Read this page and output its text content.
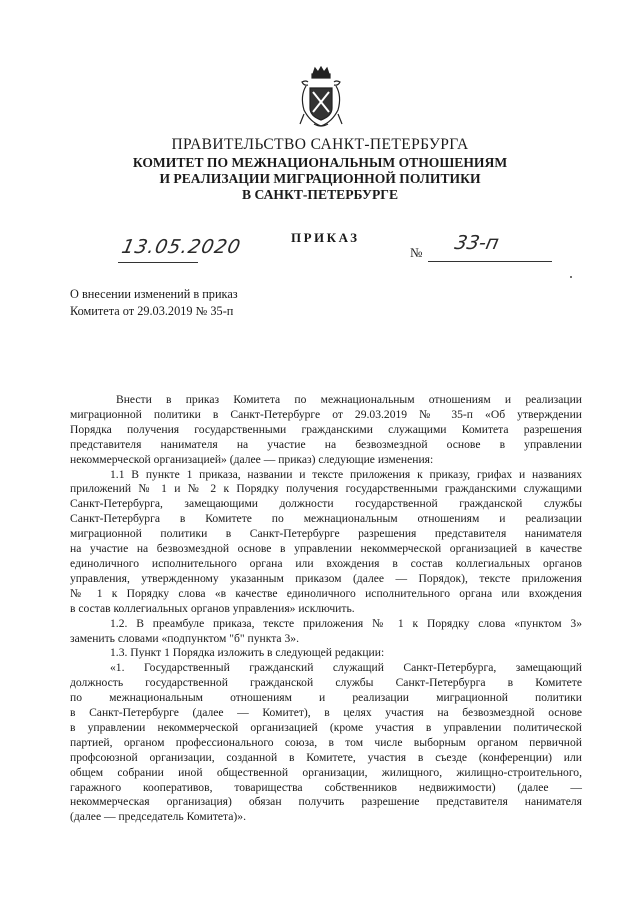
ПРАВИТЕЛЬСТВО САНКТ-ПЕТЕРБУРГА
КОМИТЕТ ПО МЕЖНАЦИОНАЛЬНЫМ ОТНОШЕНИЯМ
И РЕАЛИЗАЦИИ МИГРАЦИОННОЙ ПОЛИТИКИ
В САНКТ-ПЕТЕРБУРГЕ
ПРИКАЗ
13.05.2020	№ 33-п
О внесении изменений в приказ
Комитета от 29.03.2019 № 35-п
Внести в приказ Комитета по межнациональным отношениям и реализации
миграционной политики в Санкт-Петербурге от 29.03.2019 № 35-п «Об утверждении
Порядка получения государственными гражданскими служащими Комитета разрешения
представителя нанимателя на участие на безвозмездной основе в управлении
некоммерческой организацией» (далее — приказ) следующие изменения:
1.1 В пункте 1 приказа, названии и тексте приложения к приказу, грифах и названиях
приложений № 1 и № 2 к Порядку получения государственными гражданскими служащими
Санкт-Петербурга, замещающими должности государственной гражданской службы
Санкт-Петербурга в Комитете по межнациональным отношениям и реализации
миграционной политики в Санкт-Петербурге разрешения представителя нанимателя
на участие на безвозмездной основе в управлении некоммерческой организацией в качестве
единоличного исполнительного органа или вхождения в состав коллегиальных органов
управления, утвержденному указанным приказом (далее — Порядок), тексте приложения
№ 1 к Порядку слова «в качестве единоличного исполнительного органа или вхождения
в состав коллегиальных органов управления» исключить.
1.2. В преамбуле приказа, тексте приложения № 1 к Порядку слова «пунктом 3»
заменить словами «подпунктом "б" пункта 3».
1.3. Пункт 1 Порядка изложить в следующей редакции:
«1. Государственный гражданский служащий Санкт-Петербурга, замещающий
должность государственной гражданской службы Санкт-Петербурга в Комитете
по межнациональным отношениям и реализации миграционной политики
в Санкт-Петербурге (далее — Комитет), в целях участия на безвозмездной основе
в управлении некоммерческой организацией (кроме участия в управлении политической
партией, органом профессионального союза, в том числе выборным органом первичной
профсоюзной организации, созданной в Комитете, участия в съезде (конференции) или
общем собрании иной общественной организации, жилищного, жилищно-строительного,
гаражного кооперативов, товарищества собственников недвижимости) (далее —
некоммерческая организация) обязан получить разрешение представителя нанимателя
(далее — председатель Комитета)».
